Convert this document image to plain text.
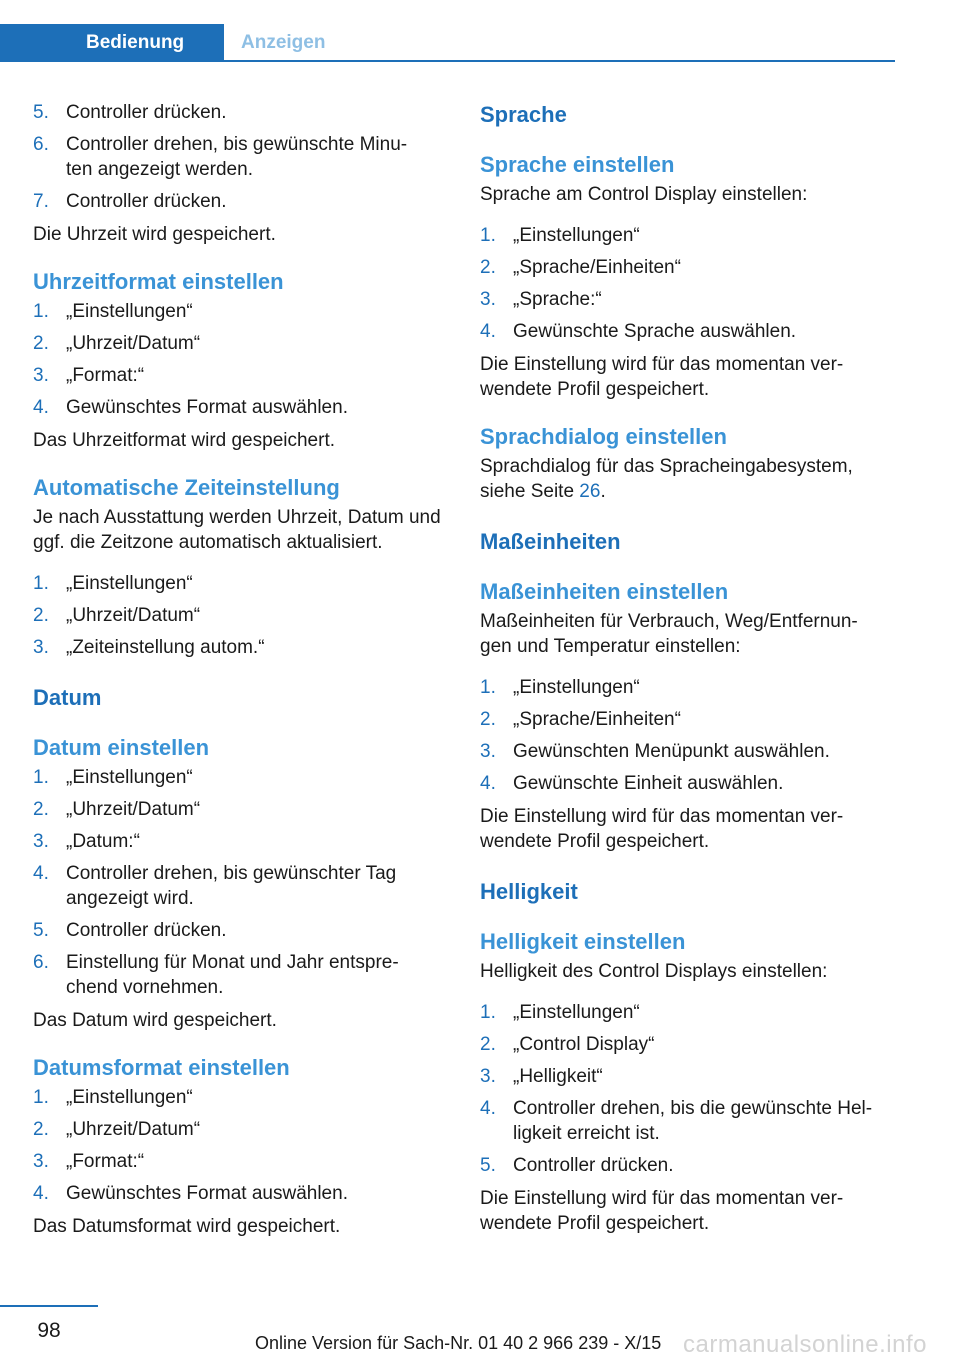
Bedienung	Anzeigen
5. Controller drücken.
6. Controller drehen, bis gewünschte Minu-
ten angezeigt werden.
7. Controller drücken.

Die Uhrzeit wird gespeichert.

Uhrzeitformat einstellen
1. „Einstellungen“
2. „Uhrzeit/Datum“
3. „Format:“
4. Gewünschtes Format auswählen.

Das Uhrzeitformat wird gespeichert.

Automatische Zeiteinstellung

Je nach Ausstattung werden Uhrzeit, Datum und ggf. die Zeitzone automatisch aktualisiert.

1. „Einstellungen“
2. „Uhrzeit/Datum“
3. „Zeiteinstellung autom.“
Datum
Datum einstellen
1. „Einstellungen“
2. „Uhrzeit/Datum“
3. „Datum:“
4. Controller drehen, bis gewünschter Tag
angezeigt wird.
5. Controller drücken.
6. Einstellung für Monat und Jahr entspre-
chend vornehmen.

Das Datum wird gespeichert.

Datumsformat einstellen
1. „Einstellungen“
2. „Uhrzeit/Datum“
3. „Format:“
4. Gewünschtes Format auswählen.

Das Datumsformat wird gespeichert.

Sprache
Sprache einstellen

Sprache am Control Display einstellen:

1. „Einstellungen“
2. „Sprache/Einheiten“
3. „Sprache:“
4. Gewünschte Sprache auswählen.

Die Einstellung wird für das momentan ver-
wendete Profil gespeichert.

Sprachdialog einstellen

Sprachdialog für das Spracheingabesystem,
siehe Seite 26.

Maßeinheiten
Maßeinheiten einstellen

Maßeinheiten für Verbrauch, Weg/Entfernun-
gen und Temperatur einstellen:

1. „Einstellungen“
2. „Sprache/Einheiten“
3. Gewünschten Menüpunkt auswählen.
4. Gewünschte Einheit auswählen.

Die Einstellung wird für das momentan ver-
wendete Profil gespeichert.

Helligkeit
Helligkeit einstellen

Helligkeit des Control Displays einstellen:

1. „Einstellungen“
2. „Control Display“
3. „Helligkeit“
4. Controller drehen, bis die gewünschte Hel-
ligkeit erreicht ist.
5. Controller drücken.

Die Einstellung wird für das momentan ver-
wendete Profil gespeichert.

98
Online Version für Sach-Nr. 01 40 2 966 239 - X/15 carmanualsonline.info
